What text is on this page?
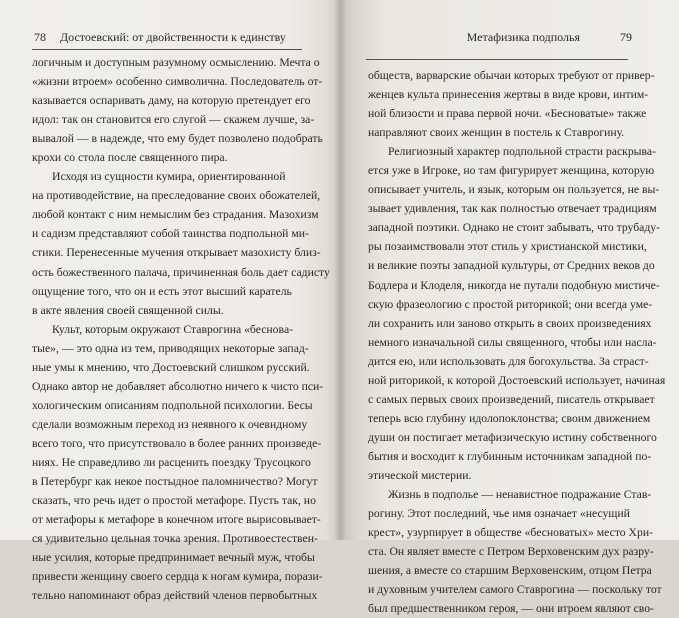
78 Достоевский: от двойственности к единству
логичным и доступным разумному осмыслению. Мечта о
«жизни втроем» особенно символична. Последователь от-
казывается оспаривать даму, на которую претендует его
идол: так он становится его слугой — скажем лучше, за-
вывалой — в надежде, что ему будет позволено подобрать
крохи со стола после священного пира.
Исходя из сущности кумира, ориентированной
на противодействие, на преследование своих обожателей,
любой контакт с ним немыслим без страдания. Мазохизм
и садизм представляют собой таинства подпольной ми-
стики. Перенесенные мучения открывает мазохисту близ-
ость божественного палача, причиненная боль дает садисту
ощущение того, что он и есть этот высший каратель
в акте явления своей священной силы.
Культ, которым окружают Ставрогина «бесновa-
тые», — это одна из тем, приводящих некоторые запад-
ные умы к мнению, что Достоевский слишком русский.
Однако автор не добавляет абсолютно ничего к чисто пси-
хологическим описаниям подпольной психологии. Бесы
сделали возможным переход из неявного к очевидному
всего того, что присутствовало в более ранних произведе-
ниях. Не справедливо ли расценить поездку Трусоцкого
в Петербург как некое постыдное паломничество? Могут
сказать, что речь идет о простой метафоре. Пусть так, но
от метафоры к метафоре в конечном итоге вырисовывает-
ся удивительно цельная точка зрения. Противоестествен-
ные усилия, которые предпринимает вечный муж, чтобы
привести женщину своего сердца к ногам кумира, порази-
тельно напоминают образ действий членов первобытных
Метафизика подполья	79
обществ, варварские обычаи которых требуют от привер-
женцев культа принесения жертвы в виде крови, интим-
ной близости и права первой ночи. «Бесноватые» также
направляют своих женщин в постель к Ставрогину.
Религиозный характер подпольной страсти раскрыва-
ется уже в Игроке, но там фигурирует женщина, которую
описывает учитель, и язык, которым он пользуется, не вы-
зывает удивления, так как полностью отвечает традициям
западной поэтики. Однако не стоит забывать, что трубаду-
ры позаимствовали этот стиль у христианской мистики,
и великие поэты западной культуры, от Средних веков до
Бодлера и Клоделя, никогда не путали подобную мистиче-
скую фразеологию с простой риторикой; они всегда уме-
ли сохранить или заново открыть в своих произведениях
немного изначальной силы священного, чтобы или насла-
дится ею, или использовать для богохульства. За страст-
ной риторикой, к которой Достоевский использует, начиная
с самых первых своих произведений, писатель открывает
теперь всю глубину идолопоклонства; своим движением
души он постигает метафизическую истину собственного
бытия и восходит к глубинным источникам западной по-
этической мистерии.
Жизнь в подполье — ненавистное подражание Став-
рогину. Этот последний, чье имя означает «несущий
крест», узурпирует в обществе «бесноватых» место Хри-
ста. Он являет вместе с Петром Верховенским дух разру-
шения, а вместе со старшим Верховенским, отцом Петра
и духовным учителем самого Ставрогина — поскольку тот
был предшественником героя, — они втроем являют сво-
